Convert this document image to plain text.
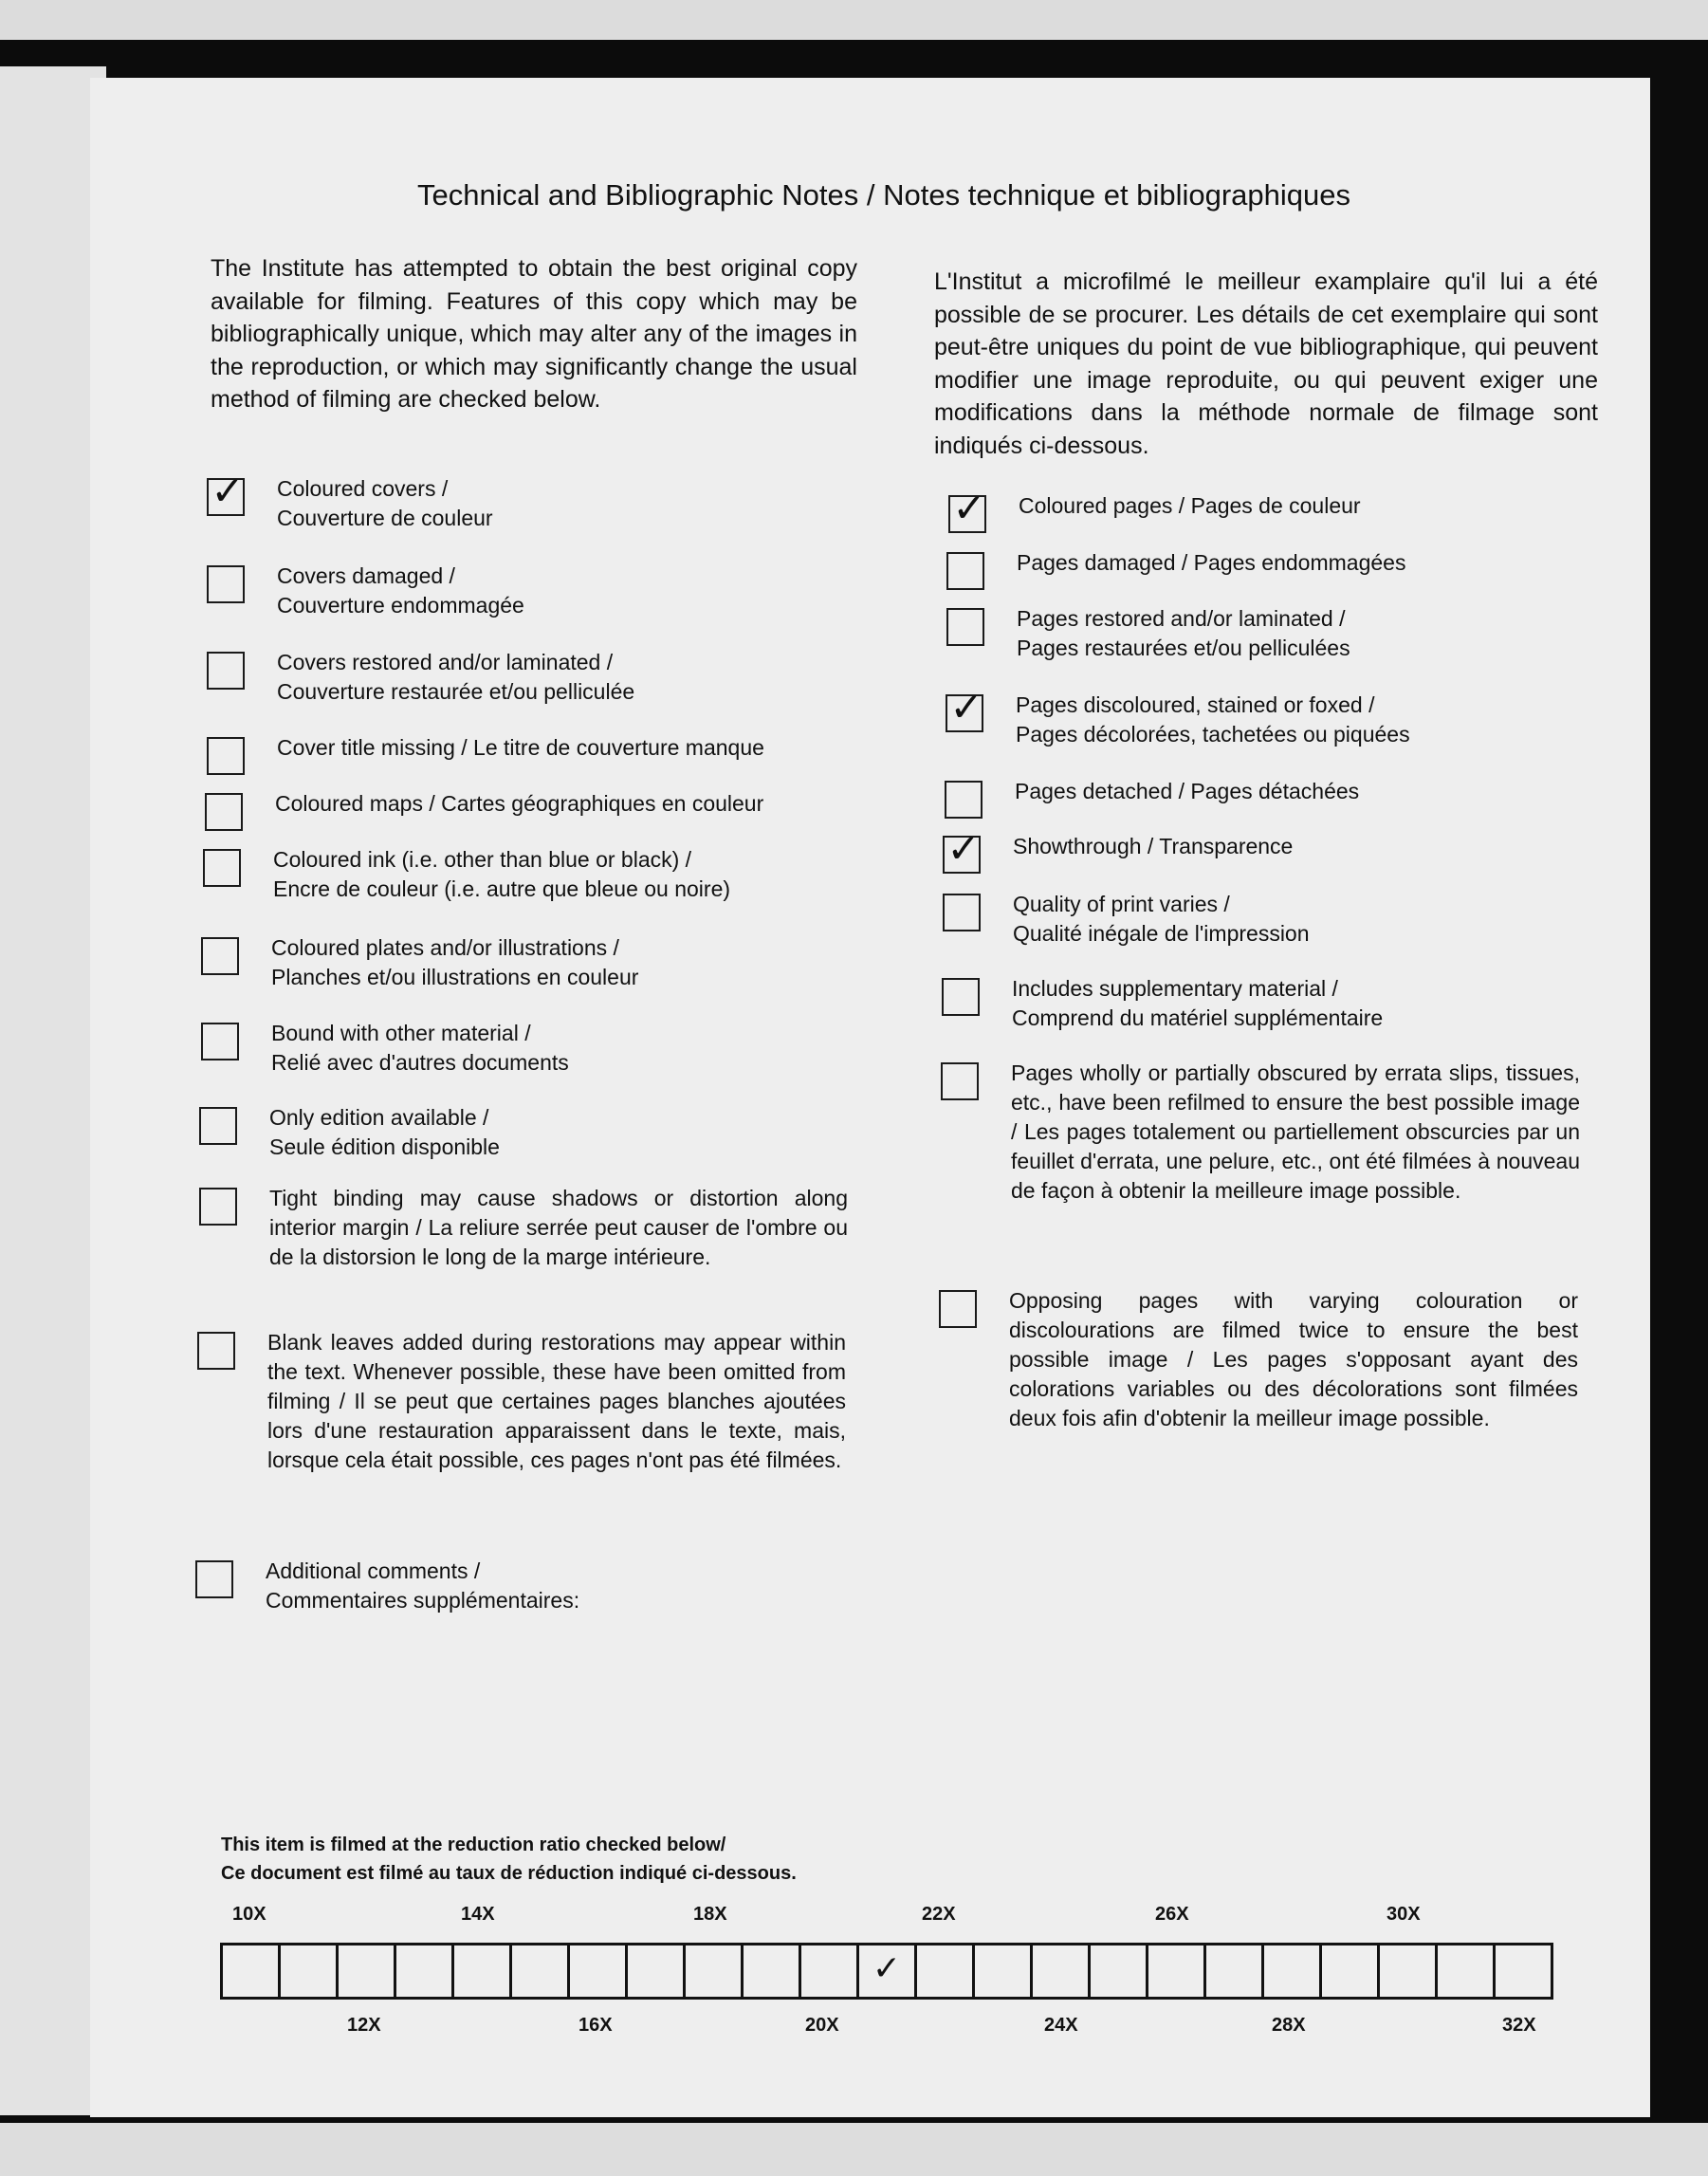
Technical and Bibliographic Notes / Notes technique et bibliographiques
The Institute has attempted to obtain the best original copy available for filming. Features of this copy which may be bibliographically unique, which may alter any of the images in the reproduction, or which may significantly change the usual method of filming are checked below.
L'Institut a microfilmé le meilleur examplaire qu'il lui a été possible de se procurer. Les détails de cet exemplaire qui sont peut-être uniques du point de vue bibliographique, qui peuvent modifier une image reproduite, ou qui peuvent exiger une modifications dans la méthode normale de filmage sont indiqués ci-dessous.
✓ Coloured covers /
Couverture de couleur
Covers damaged /
Couverture endommagée
Covers restored and/or laminated /
Couverture restaurée et/ou pelliculée
Cover title missing / Le titre de couverture manque
Coloured maps / Cartes géographiques en couleur
Coloured ink (i.e. other than blue or black) /
Encre de couleur (i.e. autre que bleue ou noire)
Coloured plates and/or illustrations /
Planches et/ou illustrations en couleur
Bound with other material /
Relié avec d'autres documents
Only edition available /
Seule édition disponible
Tight binding may cause shadows or distortion along interior margin / La reliure serrée peut causer de l'ombre ou de la distorsion le long de la marge intérieure.
Blank leaves added during restorations may appear within the text. Whenever possible, these have been omitted from filming / Il se peut que certaines pages blanches ajoutées lors d'une restauration apparaissent dans le texte, mais, lorsque cela était possible, ces pages n'ont pas été filmées.
Additional comments /
Commentaires supplémentaires:
✓ Coloured pages / Pages de couleur
Pages damaged / Pages endommagées
Pages restored and/or laminated /
Pages restaurées et/ou pelliculées
✓ Pages discoloured, stained or foxed /
Pages décolorées, tachetées ou piquées
Pages detached / Pages détachées
✓ Showthrough / Transparence
Quality of print varies /
Qualité inégale de l'impression
Includes supplementary material /
Comprend du matériel supplémentaire
Pages wholly or partially obscured by errata slips, tissues, etc., have been refilmed to ensure the best possible image / Les pages totalement ou partiellement obscurcies par un feuillet d'errata, une pelure, etc., ont été filmées à nouveau de façon à obtenir la meilleure image possible.
Opposing pages with varying colouration or discolourations are filmed twice to ensure the best possible image / Les pages s'opposant ayant des colorations variables ou des décolorations sont filmées deux fois afin d'obtenir la meilleur image possible.
This item is filmed at the reduction ratio checked below/
Ce document est filmé au taux de réduction indiqué ci-dessous.
10X	14X	18X	22X	26X	30X
✓
12X	16X	20X	24X	28X	32X
